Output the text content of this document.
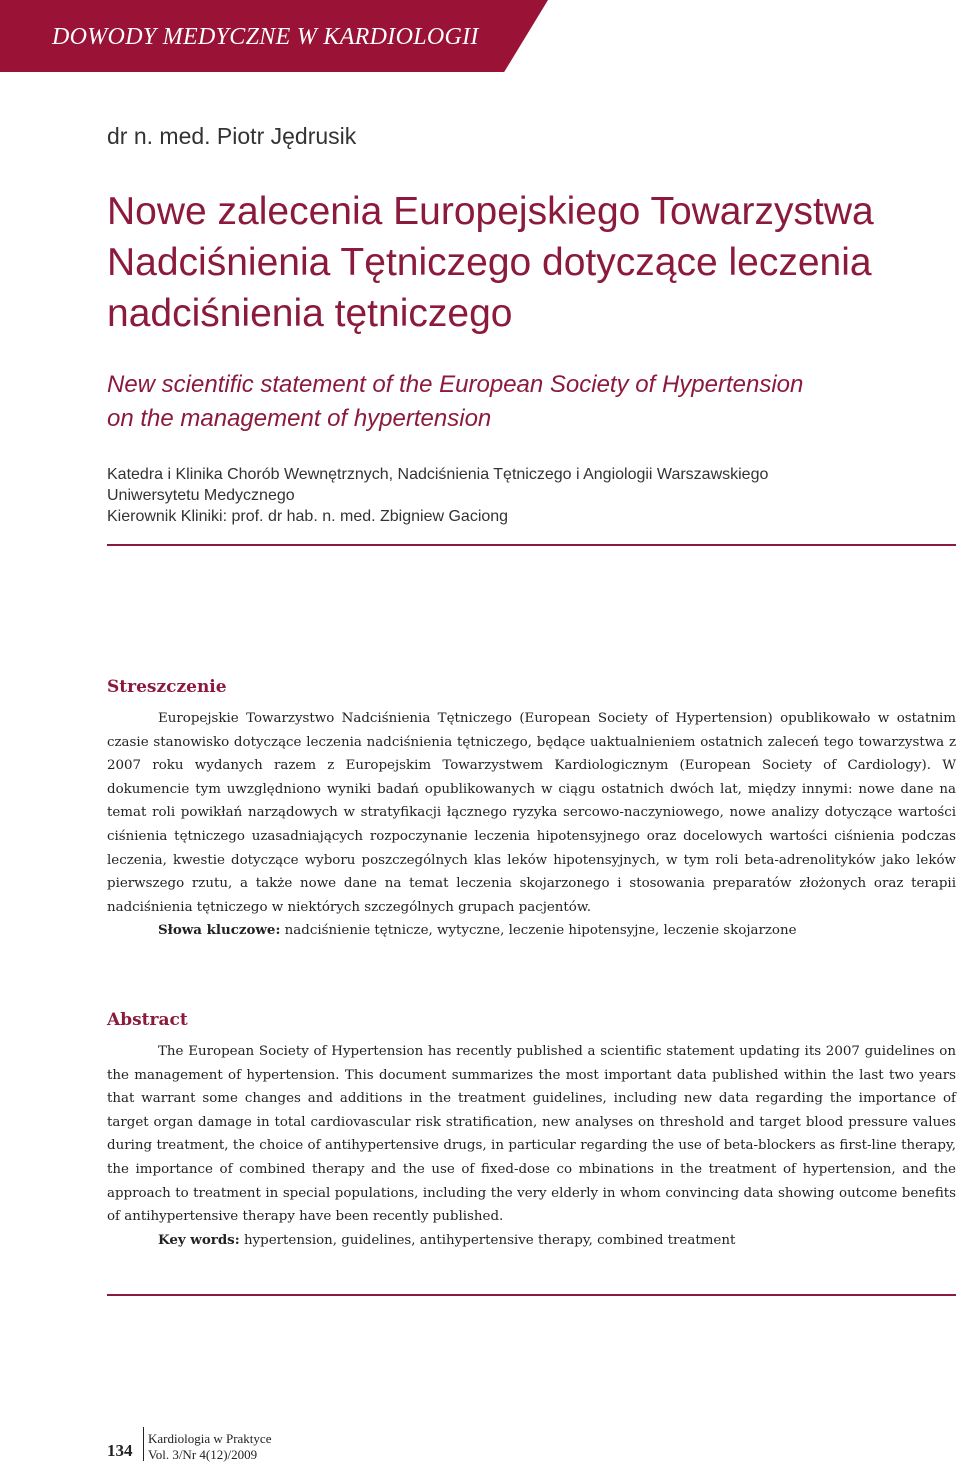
DOWODY MEDYCZNE W KARDIOLOGII
dr n. med. Piotr Jędrusik
Nowe zalecenia Europejskiego Towarzystwa
Nadciśnienia Tętniczego dotyczące leczenia
nadciśnienia tętniczego
New scientific statement of the European Society of Hypertension
on the management of hypertension
Katedra i Klinika Chorób Wewnętrznych, Nadciśnienia Tętniczego i Angiologii Warszawskiego
Uniwersytetu Medycznego
Kierownik Kliniki: prof. dr hab. n. med. Zbigniew Gaciong
Streszczenie

Europejskie Towarzystwo Nadciśnienia Tętniczego (European Society of Hypertension) opublikowało w ostatnim czasie stanowisko dotyczące leczenia nadciśnienia tętniczego, będące uaktualnieniem ostatnich zaleceń tego towarzystwa z 2007 roku wydanych razem z Europejskim Towarzystwem Kardiologicznym (European Society of Cardiology). W dokumencie tym uwzględniono wyniki badań opublikowanych w ciągu ostatnich dwóch lat, między innymi: nowe dane na temat roli powikłań narządowych w stratyfikacji łącznego ryzyka sercowo-naczyniowego, nowe analizy dotyczące wartości ciśnienia tętniczego uzasadniających rozpoczynanie leczenia hipotensyjnego oraz docelowych wartości ciśnienia podczas leczenia, kwestie dotyczące wyboru poszczególnych klas leków hipotensyjnych, w tym roli beta-adrenolityków jako leków pierwszego rzutu, a także nowe dane na temat leczenia skojarzonego i stosowania preparatów złożonych oraz terapii nadciśnienia tętniczego w niektórych szczególnych grupach pacjentów.

Słowa kluczowe: nadciśnienie tętnicze, wytyczne, leczenie hipotensyjne, leczenie skojarzone
Abstract

The European Society of Hypertension has recently published a scientific statement updating its 2007 guidelines on the management of hypertension. This document summarizes the most important data published within the last two years that warrant some changes and additions in the treatment guidelines, including new data regarding the importance of target organ damage in total cardiovascular risk stratification, new analyses on threshold and target blood pressure values during treatment, the choice of antihypertensive drugs, in particular regarding the use of beta-blockers as first-line therapy, the importance of combined therapy and the use of fixed-dose co mbinations in the treatment of hypertension, and the approach to treatment in special populations, including the very elderly in whom convincing data showing outcome benefits of antihypertensive therapy have been recently published.

Key words: hypertension, guidelines, antihypertensive therapy, combined treatment
134
Kardiologia w Praktyce
Vol. 3/Nr 4(12)/2009
